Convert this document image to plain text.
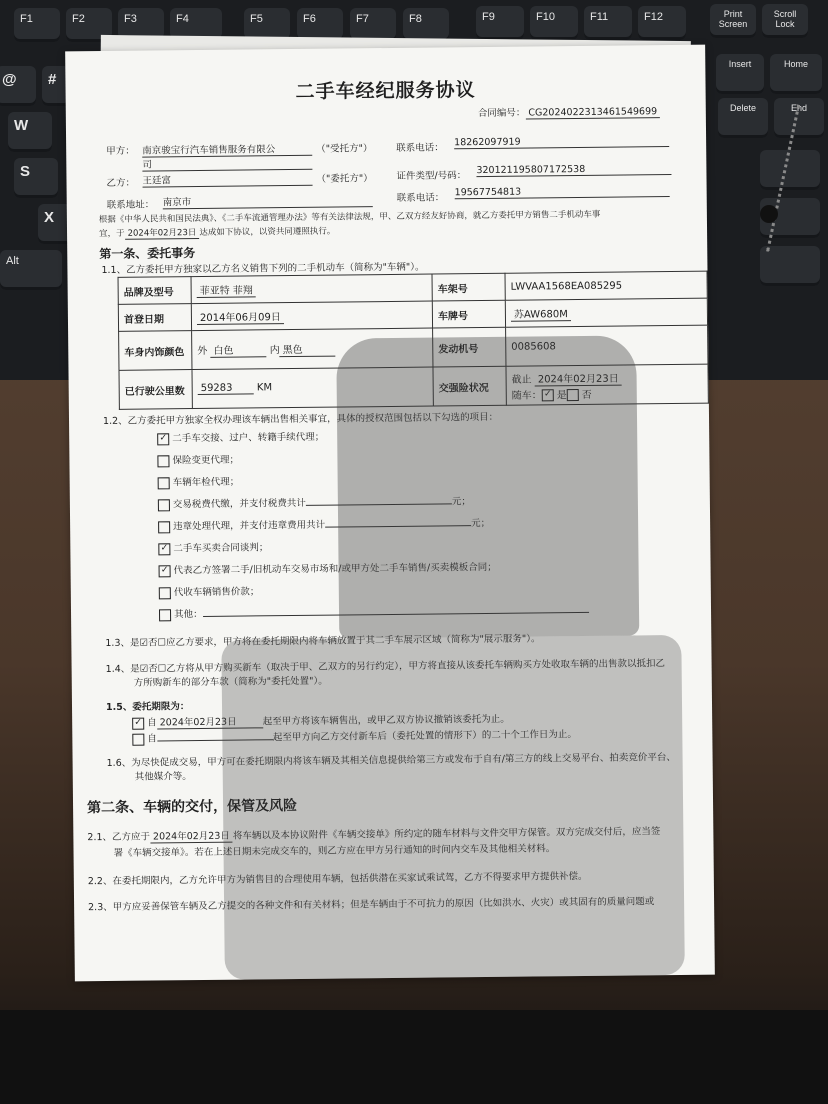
F1	F2	F3	F4	F5	F6	F7	F8	F9	F10	F11	F12	Print Screen
Scroll Lock
Insert	Home
Delete	End
@ #
W
S
X
Alt
二手车经纪服务协议
合同编号： CG2024022313461549699
甲方： 南京骏宝行汽车销售服务有限公
司
（"受托方"） 联系电话： 18262097919
乙方： 王廷富	（"委托方"） 证件类型/号码： 320121195807172538
联系地址： 南京市	联系电话： 19567754813
根据《中华人民共和国民法典》、《二手车流通管理办法》等有关法律法规，甲、乙双方经友好协商，就乙方委托甲方销售二手机动车事
宜，于 2024年02月23日 达成如下协议，以资共同遵照执行。
第一条、委托事务
1.1、乙方委托甲方独家以乙方名义销售下列的二手机动车（简称为"车辆"）。
品牌及型号	菲亚特 菲翔	车架号	LWVAA1568EA085295
首登日期	2014年06月09日	车牌号	苏AW680M
车身内饰颜色	外 白色 内 黑色	发动机号	0085608
已行驶公里数	59283 KM	交强险状况	截止 2024年02月23日
随车： ✓ 是 否
1.2、乙方委托甲方独家全权办理该车辆出售相关事宜，具体的授权范围包括以下勾选的项目：
✓ 二手车交接、过户、转籍手续代理；
保险变更代理；
车辆年检代理；
交易税费代缴，并支付税费共计	元；
违章处理代理，并支付违章费用共计	元；
✓ 二手车买卖合同谈判；
✓ 代表乙方签署二手/旧机动车交易市场和/或甲方处二手车销售/买卖模板合同；
代收车辆销售价款；
其他：
1.3、是☑否☐应乙方要求，甲方将在委托期限内将车辆放置于其二手车展示区域（简称为"展示服务"）。
1.4、是☑否☐乙方将从甲方购买新车（取决于甲、乙双方的另行约定），甲方将直接从该委托车辆购买方处收取车辆的出售款以抵扣乙
方所购新车的部分车款（简称为"委托处置"）。
1.5、委托期限为：
✓ 自 2024年02月23日	起至甲方将该车辆售出，或甲乙双方协议撤销该委托为止。
自	起至甲方向乙方交付新车后（委托处置的情形下）的二十个工作日为止。
1.6、为尽快促成交易，甲方可在委托期限内将该车辆及其相关信息提供给第三方或发布于自有/第三方的线上交易平台、拍卖竞价平台、
其他媒介等。
第二条、车辆的交付，保管及风险
2.1、乙方应于 2024年02月23日 将车辆以及本协议附件《车辆交接单》所约定的随车材料与文件交甲方保管。双方完成交付后，应当签
署《车辆交接单》。若在上述日期未完成交车的，则乙方应在甲方另行通知的时间内交车及其他相关材料。
2.2、在委托期限内，乙方允许甲方为销售目的合理使用车辆，包括供潜在买家试乘试驾，乙方不得要求甲方提供补偿。
2.3、甲方应妥善保管车辆及乙方提交的各种文件和有关材料；但是车辆由于不可抗力的原因（比如洪水、火灾）或其固有的质量问题或
